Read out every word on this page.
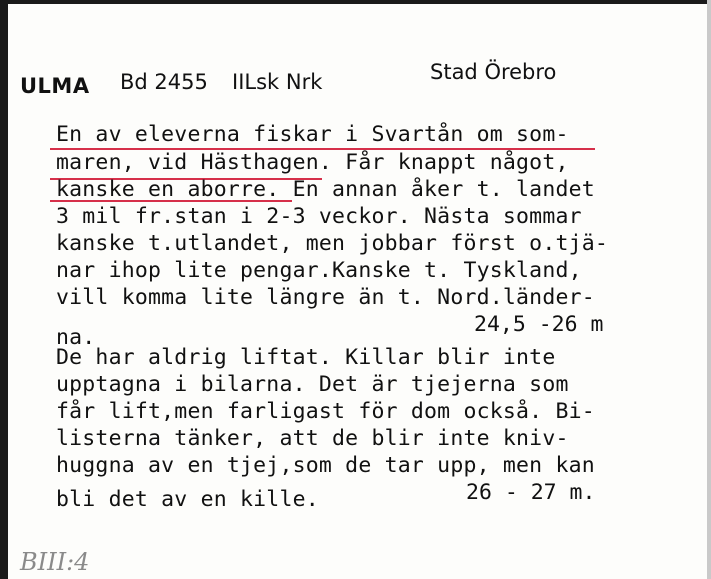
ULMA Bd 2455 IILsk Nrk	Stad Örebro
En av eleverna fiskar i Svartån om som-
maren, vid Hästhagen. Får knappt något,
kanske en aborre. En annan åker t. landet
3 mil fr.stan i 2-3 veckor. Nästa sommar
kanske t.utlandet, men jobbar först o.tjä-
nar ihop lite pengar.Kanske t. Tyskland,
vill komma lite längre än t. Nord.länder-
na.
24,5 -26 m
De har aldrig liftat. Killar blir inte
upptagna i bilarna. Det är tjejerna som
får lift,men farligast för dom också. Bi-
listerna tänker, att de blir inte kniv-
huggna av en tjej,som de tar upp, men kan
bli det av en kille.	26 - 27 m.
BIII:4
